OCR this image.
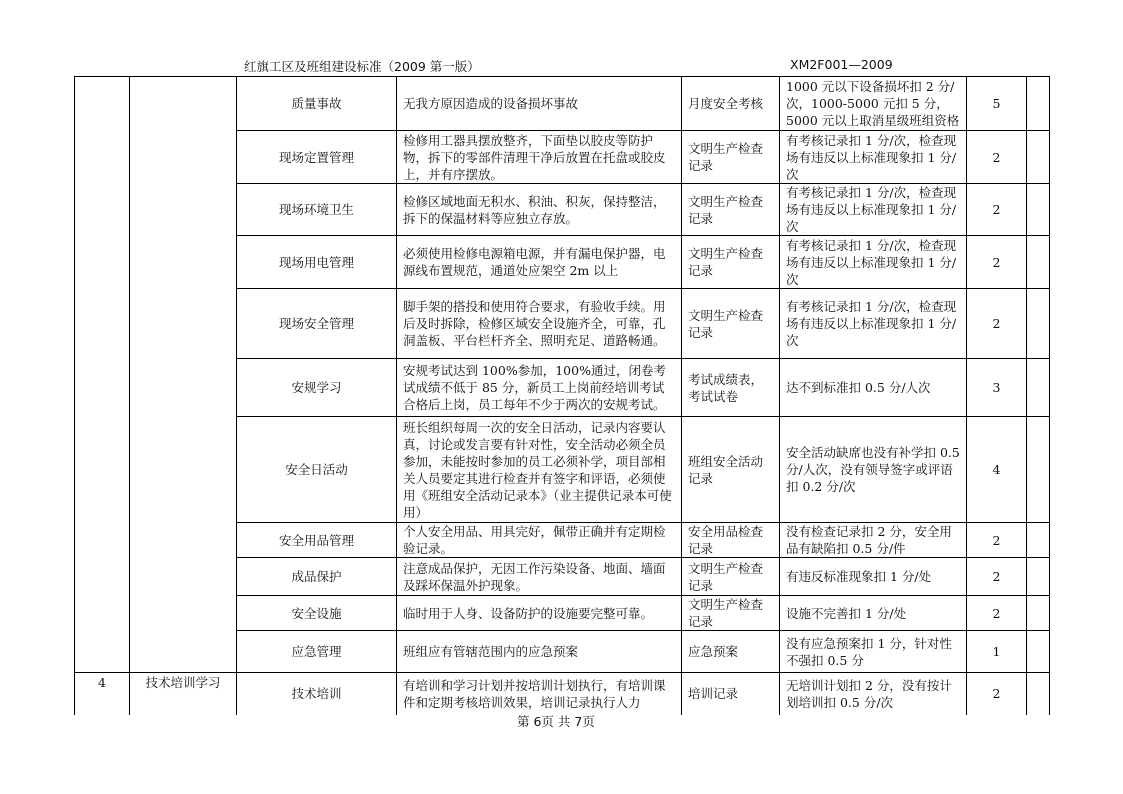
红旗工区及班组建设标准（2009 第一版）	XM2F001—2009
		质量事故	无我方原因造成的设备损坏事故	月度安全考核	1000 元以下设备损坏扣 2 分/次，1000-5000 元扣 5 分，5000 元以上取消星级班组资格	5	
		现场定置管理	检修用工器具摆放整齐，下面垫以胶皮等防护物，拆下的零部件清理干净后放置在托盘或胶皮上，并有序摆放。	文明生产检查记录	有考核记录扣 1 分/次，检查现场有违反以上标准现象扣 1 分/次	2	
		现场环境卫生	检修区域地面无积水、积油、积灰，保持整洁，拆下的保温材料等应独立存放。	文明生产检查记录	有考核记录扣 1 分/次，检查现场有违反以上标准现象扣 1 分/次	2	
		现场用电管理	必须使用检修电源箱电源，并有漏电保护器，电源线布置规范，通道处应架空 2m 以上	文明生产检查记录	有考核记录扣 1 分/次，检查现场有违反以上标准现象扣 1 分/次	2	
		现场安全管理	脚手架的搭投和使用符合要求，有验收手续。用后及时拆除，检修区域安全设施齐全，可靠，孔洞盖板、平台栏杆齐全、照明充足、道路畅通。	文明生产检查记录	有考核记录扣 1 分/次，检查现场有违反以上标准现象扣 1 分/次	2	
		安规学习	安规考试达到 100%参加，100%通过，闭卷考试成绩不低于 85 分，新员工上岗前经培训考试合格后上岗，员工每年不少于两次的安规考试。	考试成绩表，考试试卷	达不到标准扣 0.5 分/人次	3	
		安全日活动	班长组织每周一次的安全日活动，记录内容要认真，讨论或发言要有针对性，安全活动必须全员参加，未能按时参加的员工必须补学，项目部相关人员要定其进行检查并有签字和评语，必须使用《班组安全活动记录本》（业主提供记录本可使用）	班组安全活动记录	安全活动缺席也没有补学扣 0.5 分/人次，没有领导签字或评语扣 0.2 分/次	4	
		安全用品管理	个人安全用品、用具完好，佩带正确并有定期检验记录。	安全用品检查记录	没有检查记录扣 2 分，安全用品有缺陷扣 0.5 分/件	2	
		成品保护	注意成品保护，无因工作污染设备、地面、墙面及踩坏保温外护现象。	文明生产检查记录	有违反标准现象扣 1 分/处	2	
		安全设施	临时用于人身、设备防护的设施要完整可靠。	文明生产检查记录	设施不完善扣 1 分/处	2	
		应急管理	班组应有管辖范围内的应急预案	应急预案	没有应急预案扣 1 分，针对性不强扣 0.5 分	1	
4	技术培训学习	技术培训	有培训和学习计划并按培训计划执行，有培训课件和定期考核培训效果，培训记录执行人力	培训记录	无培训计划扣 2 分，没有按计划培训扣 0.5 分/次	2	
第 6页 共 7页
